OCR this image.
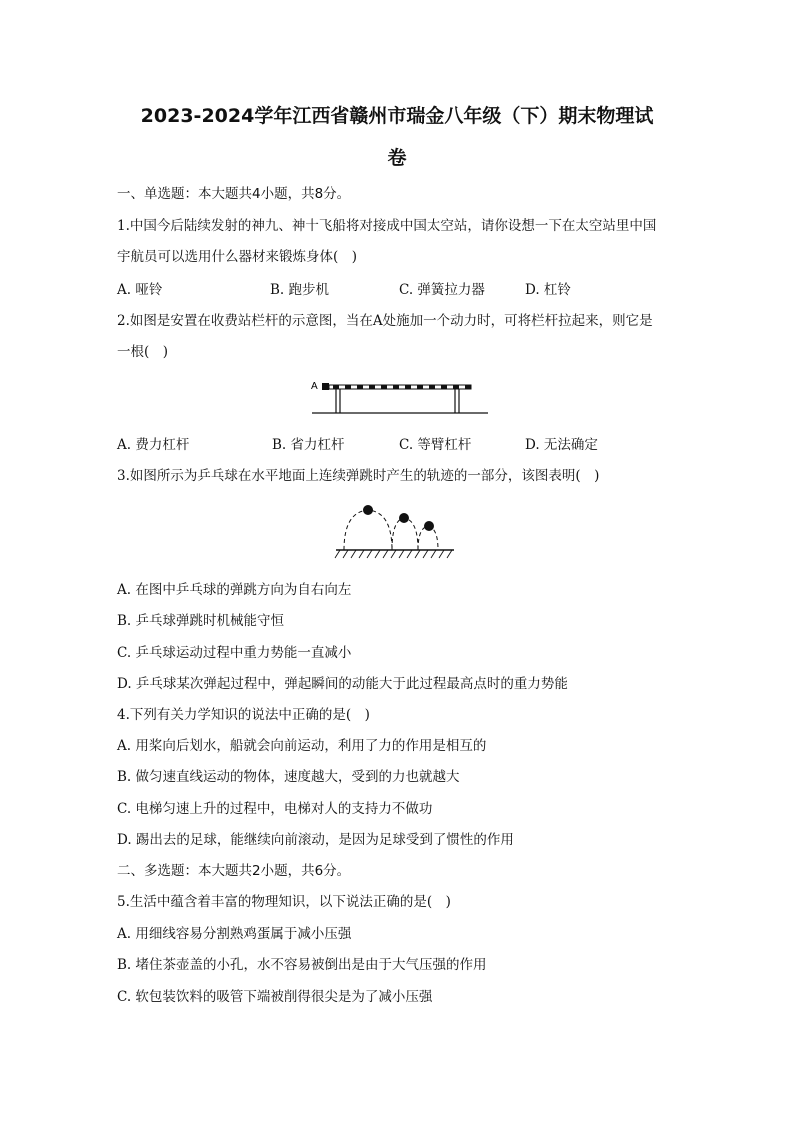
2023-2024学年江西省赣州市瑞金八年级（下）期末物理试
卷
一、单选题：本大题共4小题，共8分。
1.中国今后陆续发射的神九、神十飞船将对接成中国太空站，请你设想一下在太空站里中国
宇航员可以选用什么器材来锻炼身体(　)
A. 哑铃	B. 跑步机	C. 弹簧拉力器	D. 杠铃
2.如图是安置在收费站栏杆的示意图，当在A处施加一个动力时，可将栏杆拉起来，则它是
一根(　)
A
A. 费力杠杆	B. 省力杠杆	C. 等臂杠杆	D. 无法确定
3.如图所示为乒乓球在水平地面上连续弹跳时产生的轨迹的一部分，该图表明(　)
A. 在图中乒乓球的弹跳方向为自右向左
B. 乒乓球弹跳时机械能守恒
C. 乒乓球运动过程中重力势能一直减小
D. 乒乓球某次弹起过程中，弹起瞬间的动能大于此过程最高点时的重力势能
4.下列有关力学知识的说法中正确的是(　)
A. 用桨向后划水，船就会向前运动，利用了力的作用是相互的
B. 做匀速直线运动的物体，速度越大，受到的力也就越大
C. 电梯匀速上升的过程中，电梯对人的支持力不做功
D. 踢出去的足球，能继续向前滚动，是因为足球受到了惯性的作用
二、多选题：本大题共2小题，共6分。
5.生活中蕴含着丰富的物理知识，以下说法正确的是(　)
A. 用细线容易分割熟鸡蛋属于减小压强
B. 堵住茶壶盖的小孔，水不容易被倒出是由于大气压强的作用
C. 软包装饮料的吸管下端被削得很尖是为了减小压强
